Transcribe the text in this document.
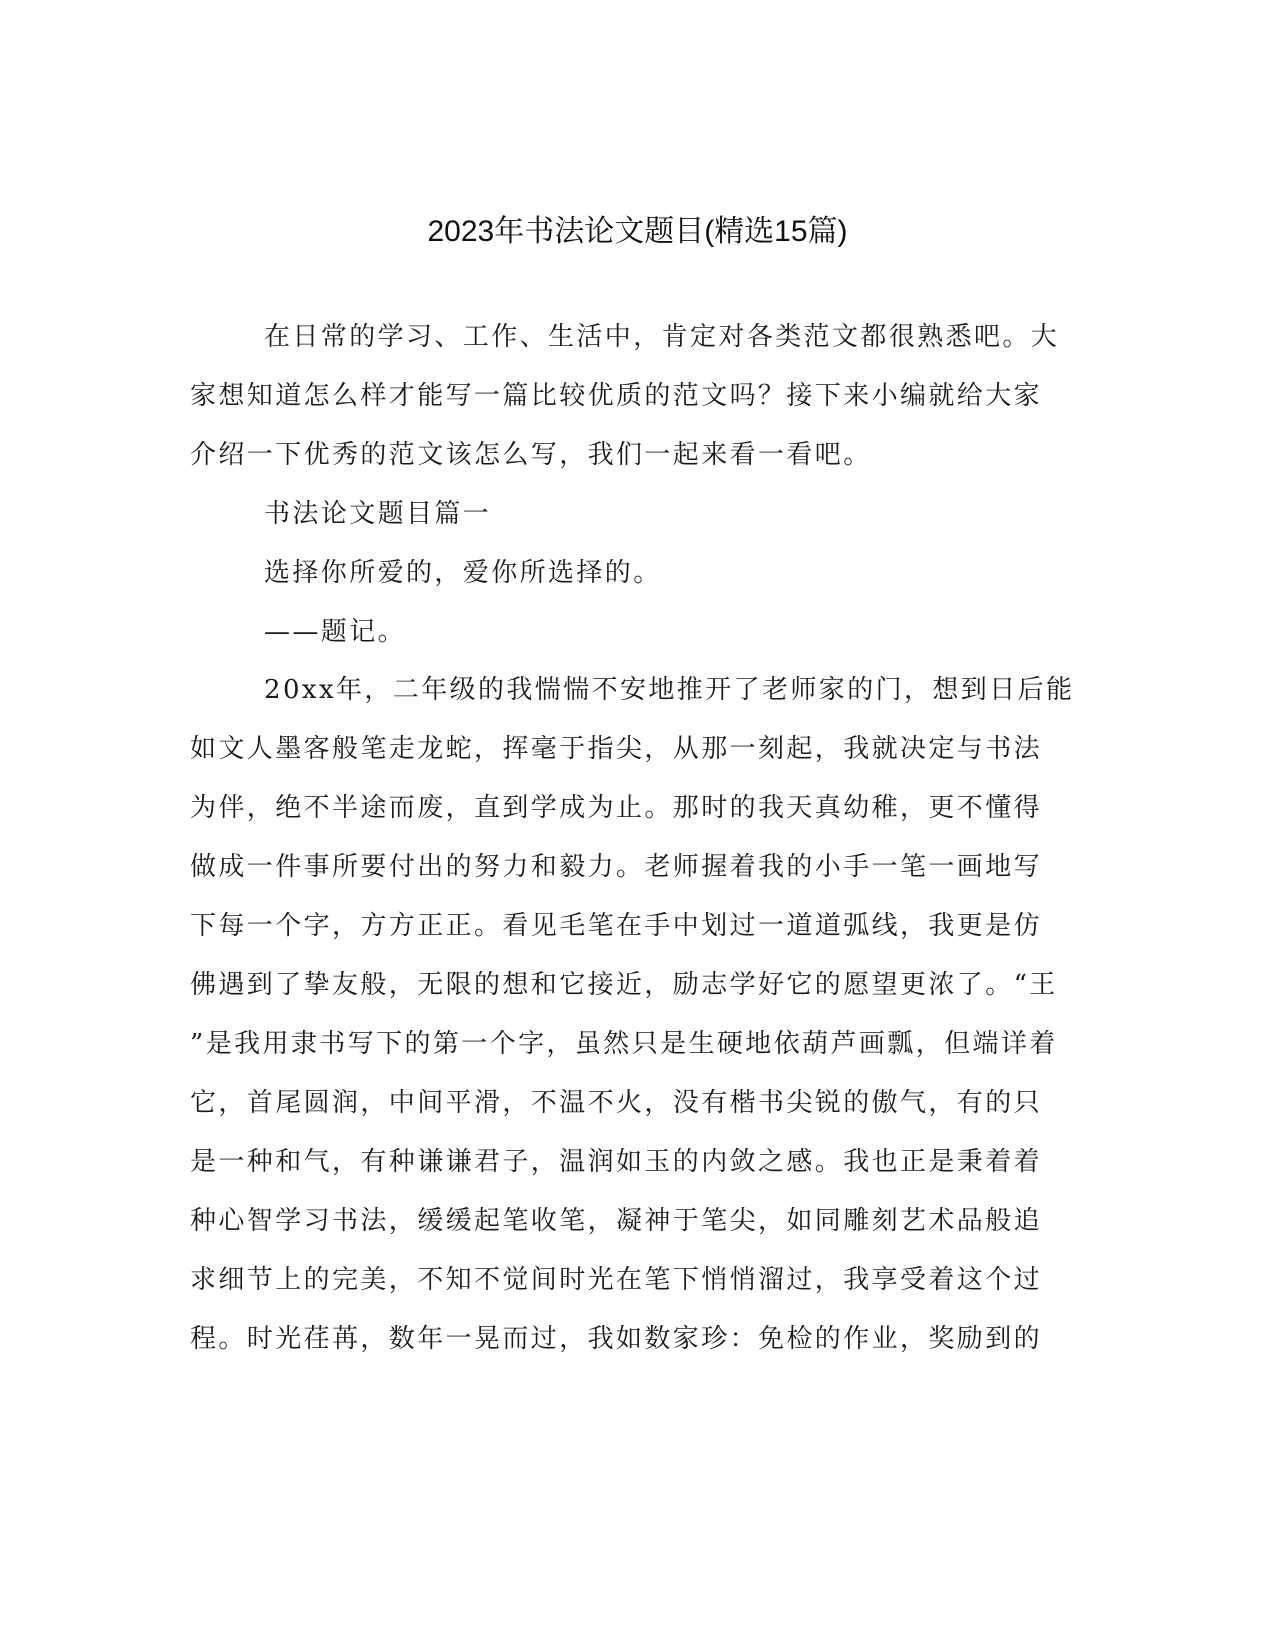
2023年书法论文题目(精选15篇)
在日常的学习、工作、生活中，肯定对各类范文都很熟悉吧。大
家想知道怎么样才能写一篇比较优质的范文吗？接下来小编就给大家
介绍一下优秀的范文该怎么写，我们一起来看一看吧。
书法论文题目篇一
选择你所爱的，爱你所选择的。
——题记。
20xx年，二年级的我惴惴不安地推开了老师家的门，想到日后能
如文人墨客般笔走龙蛇，挥毫于指尖，从那一刻起，我就决定与书法
为伴，绝不半途而废，直到学成为止。那时的我天真幼稚，更不懂得
做成一件事所要付出的努力和毅力。老师握着我的小手一笔一画地写
下每一个字，方方正正。看见毛笔在手中划过一道道弧线，我更是仿
佛遇到了挚友般，无限的想和它接近，励志学好它的愿望更浓了。“王
”是我用隶书写下的第一个字，虽然只是生硬地依葫芦画瓢，但端详着
它，首尾圆润，中间平滑，不温不火，没有楷书尖锐的傲气，有的只
是一种和气，有种谦谦君子，温润如玉的内敛之感。我也正是秉着着
种心智学习书法，缓缓起笔收笔，凝神于笔尖，如同雕刻艺术品般追
求细节上的完美，不知不觉间时光在笔下悄悄溜过，我享受着这个过
程。时光荏苒，数年一晃而过，我如数家珍：免检的作业，奖励到的
